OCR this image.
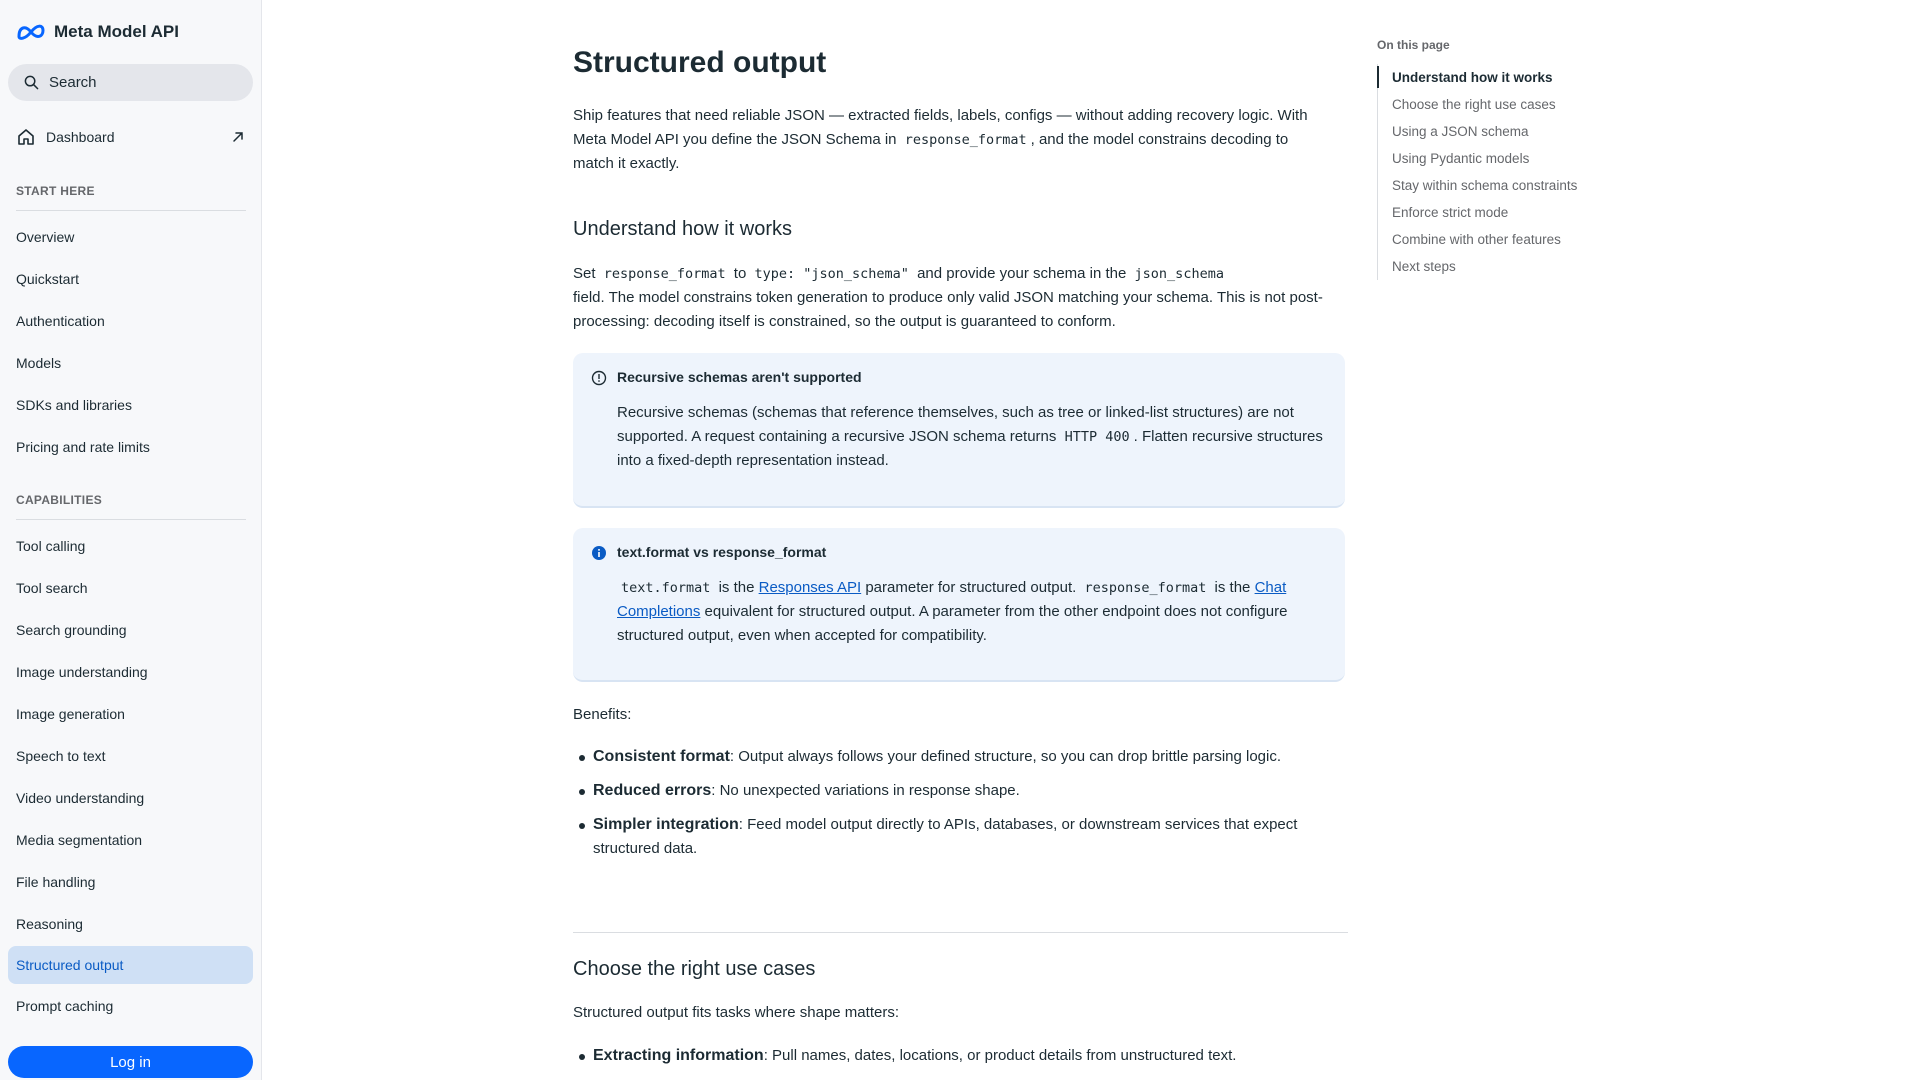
Meta Model API
Search
Dashboard
START HERE
Overview
Quickstart
Authentication
Models
SDKs and libraries
Pricing and rate limits
CAPABILITIES
Tool calling
Tool search
Search grounding
Image understanding
Image generation
Speech to text
Video understanding
Media segmentation
File handling
Reasoning
Structured output
Prompt caching
Log in
Structured output

Ship features that need reliable JSON — extracted fields, labels, configs — without adding recovery logic. With Meta Model API you define the JSON Schema in response_format , and the model constrains decoding to match it exactly.

Understand how it works

Set response_format to type: "json_schema" and provide your schema in the json_schema
field. The model constrains token generation to produce only valid JSON matching your schema. This is not post-processing: decoding itself is constrained, so the output is guaranteed to conform.

Recursive schemas aren't supported
Recursive schemas (schemas that reference themselves, such as tree or linked-list structures) are not supported. A request containing a recursive JSON schema returns HTTP 400 . Flatten recursive structures into a fixed-depth representation instead.
text.format vs response_format
text.format is the Responses API parameter for structured output. response_format is the Chat Completions equivalent for structured output. A parameter from the other endpoint does not configure structured output, even when accepted for compatibility.

Benefits:

Consistent format: Output always follows your defined structure, so you can drop brittle parsing logic.
Reduced errors: No unexpected variations in response shape.
Simpler integration: Feed model output directly to APIs, databases, or downstream services that expect structured data.
Choose the right use cases

Structured output fits tasks where shape matters:

Extracting information: Pull names, dates, locations, or product details from unstructured text.
On this page
Understand how it works
Choose the right use cases
Using a JSON schema
Using Pydantic models
Stay within schema constraints
Enforce strict mode
Combine with other features
Next steps
